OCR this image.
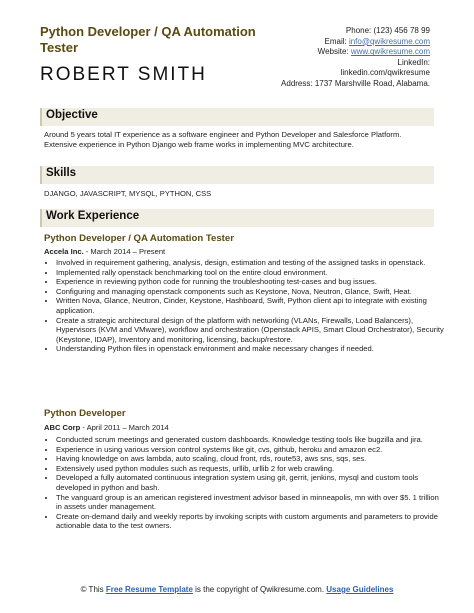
Python Developer / QA Automation Tester
ROBERT SMITH
Phone: (123) 456 78 99
Email: info@qwikresume.com
Website: www.qwikresume.com
LinkedIn:
linkedin.com/qwikresume
Address: 1737 Marshville Road, Alabama.
Objective
Around 5 years total IT experience as a software engineer and Python Developer and Salesforce Platform. Extensive experience in Python Django web frame works in implementing MVC architecture.
Skills
DJANGO, JAVASCRIPT, MYSQL, PYTHON, CSS
Work Experience
Python Developer / QA Automation Tester
Accela Inc. - March 2014 – Present
• Involved in requirement gathering, analysis, design, estimation and testing of the assigned tasks in openstack.
• Implemented rally openstack benchmarking tool on the entire cloud environment.
• Experience in reviewing python code for running the troubleshooting test-cases and bug issues.
• Configuring and managing openstack components such as Keystone, Nova, Neutron, Glance, Swift, Heat.
• Written Nova, Glance, Neutron, Cinder, Keystone, Hashboard, Swift, Python client api to integrate with existing application.
• Create a strategic architectural design of the platform with networking (VLANs, Firewalls, Load Balancers), Hypervisors (KVM and VMware), workflow and orchestration (Openstack APIS, Smart Cloud Orchestrator), Security (Keystone, IDAP), Inventory and monitoring, licensing, backup/restore.
• Understanding Python files in openstack environment and make necessary changes if needed.
Python Developer
ABC Corp - April 2011 – March 2014
• Conducted scrum meetings and generated custom dashboards. Knowledge testing tools like bugzilla and jira.
• Experience in using various version control systems like git, cvs, github, heroku and amazon ec2.
• Having knowledge on aws lambda, auto scaling, cloud front, rds, route53, aws sns, sqs, ses.
• Extensively used python modules such as requests, urllib, urllib 2 for web crawling.
• Developed a fully automated continuous integration system using git, gerrit, jenkins, mysql and custom tools developed in python and bash.
• The vanguard group is an american registered investment advisor based in minneapolis, mn with over $5. 1 trillion in assets under management.
• Create on-demand daily and weekly reports by invoking scripts with custom arguments and parameters to provide actionable data to the test owners.
© This Free Resume Template is the copyright of Qwikresume.com. Usage Guidelines
